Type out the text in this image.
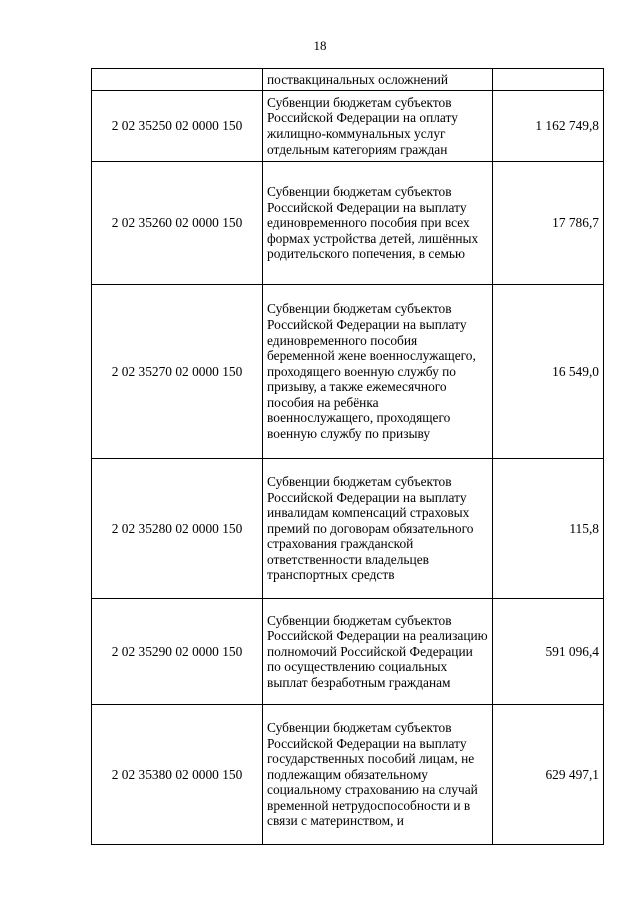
18
	поствакцинальных осложнений	
2 02 35250 02 0000 150	Субвенции бюджетам субъектов Российской Федерации на оплату жилищно-коммунальных услуг отдельным категориям граждан	1 162 749,8
2 02 35260 02 0000 150	Субвенции бюджетам субъектов Российской Федерации на выплату единовременного пособия при всех формах устройства детей, лишённых родительского попечения, в семью	17 786,7
2 02 35270 02 0000 150	Субвенции бюджетам субъектов Российской Федерации на выплату единовременного пособия беременной жене военнослужащего, проходящего военную службу по призыву, а также ежемесячного пособия на ребёнка военнослужащего, проходящего военную службу по призыву	16 549,0
2 02 35280 02 0000 150	Субвенции бюджетам субъектов Российской Федерации на выплату инвалидам компенсаций страховых премий по договорам обязательного страхования гражданской ответственности владельцев транспортных средств	115,8
2 02 35290 02 0000 150	Субвенции бюджетам субъектов Российской Федерации на реализацию полномочий Российской Федерации по осуществлению социальных выплат безработным гражданам	591 096,4
2 02 35380 02 0000 150	Субвенции бюджетам субъектов Российской Федерации на выплату государственных пособий лицам, не подлежащим обязательному социальному страхованию на случай временной нетрудоспособности и в связи с материнством, и	629 497,1
